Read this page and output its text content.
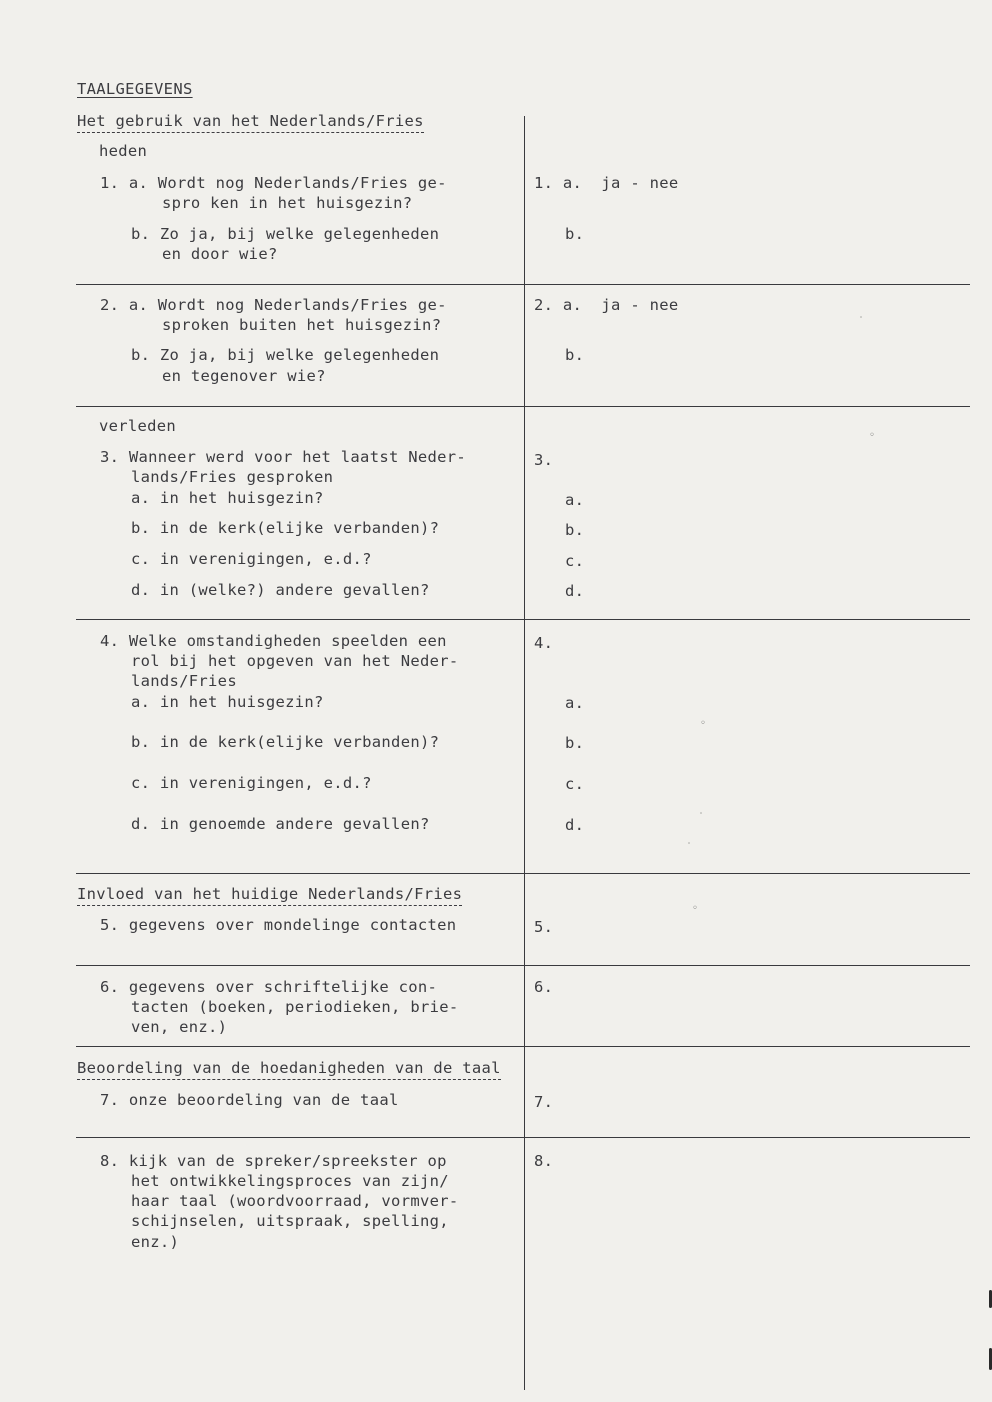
TAALGEGEVENS
Het gebruik van het Nederlands/Fries
heden
1. a. Wordt nog Nederlands/Fries ge-
spro ken in het huisgezin?
b. Zo ja, bij welke gelegenheden
en door wie?
1. a.  ja - nee
b.
2. a. Wordt nog Nederlands/Fries ge-
sproken buiten het huisgezin?
b. Zo ja, bij welke gelegenheden
en tegenover wie?
2. a.  ja - nee
b.
verleden
3. Wanneer werd voor het laatst Neder-
lands/Fries gesproken
a. in het huisgezin?
b. in de kerk(elijke verbanden)?
c. in verenigingen, e.d.?
d. in (welke?) andere gevallen?
3.
a.
b.
c.
d.
4. Welke omstandigheden speelden een
rol bij het opgeven van het Neder-
lands/Fries
a. in het huisgezin?
b. in de kerk(elijke verbanden)?
c. in verenigingen, e.d.?
d. in genoemde andere gevallen?
4.
a.
b.
c.
d.
Invloed van het huidige Nederlands/Fries
5. gegevens over mondelinge contacten	5.
6. gegevens over schriftelijke con-
tacten (boeken, periodieken, brie-
ven, enz.)
6.
Beoordeling van de hoedanigheden van de taal
7. onze beoordeling van de taal	7.
8. kijk van de spreker/spreekster op
het ontwikkelingsproces van zijn/
haar taal (woordvoorraad, vormver-
schijnselen, uitspraak, spelling,
enz.)
8.
˙
◦
◦
˙
˙
◦
